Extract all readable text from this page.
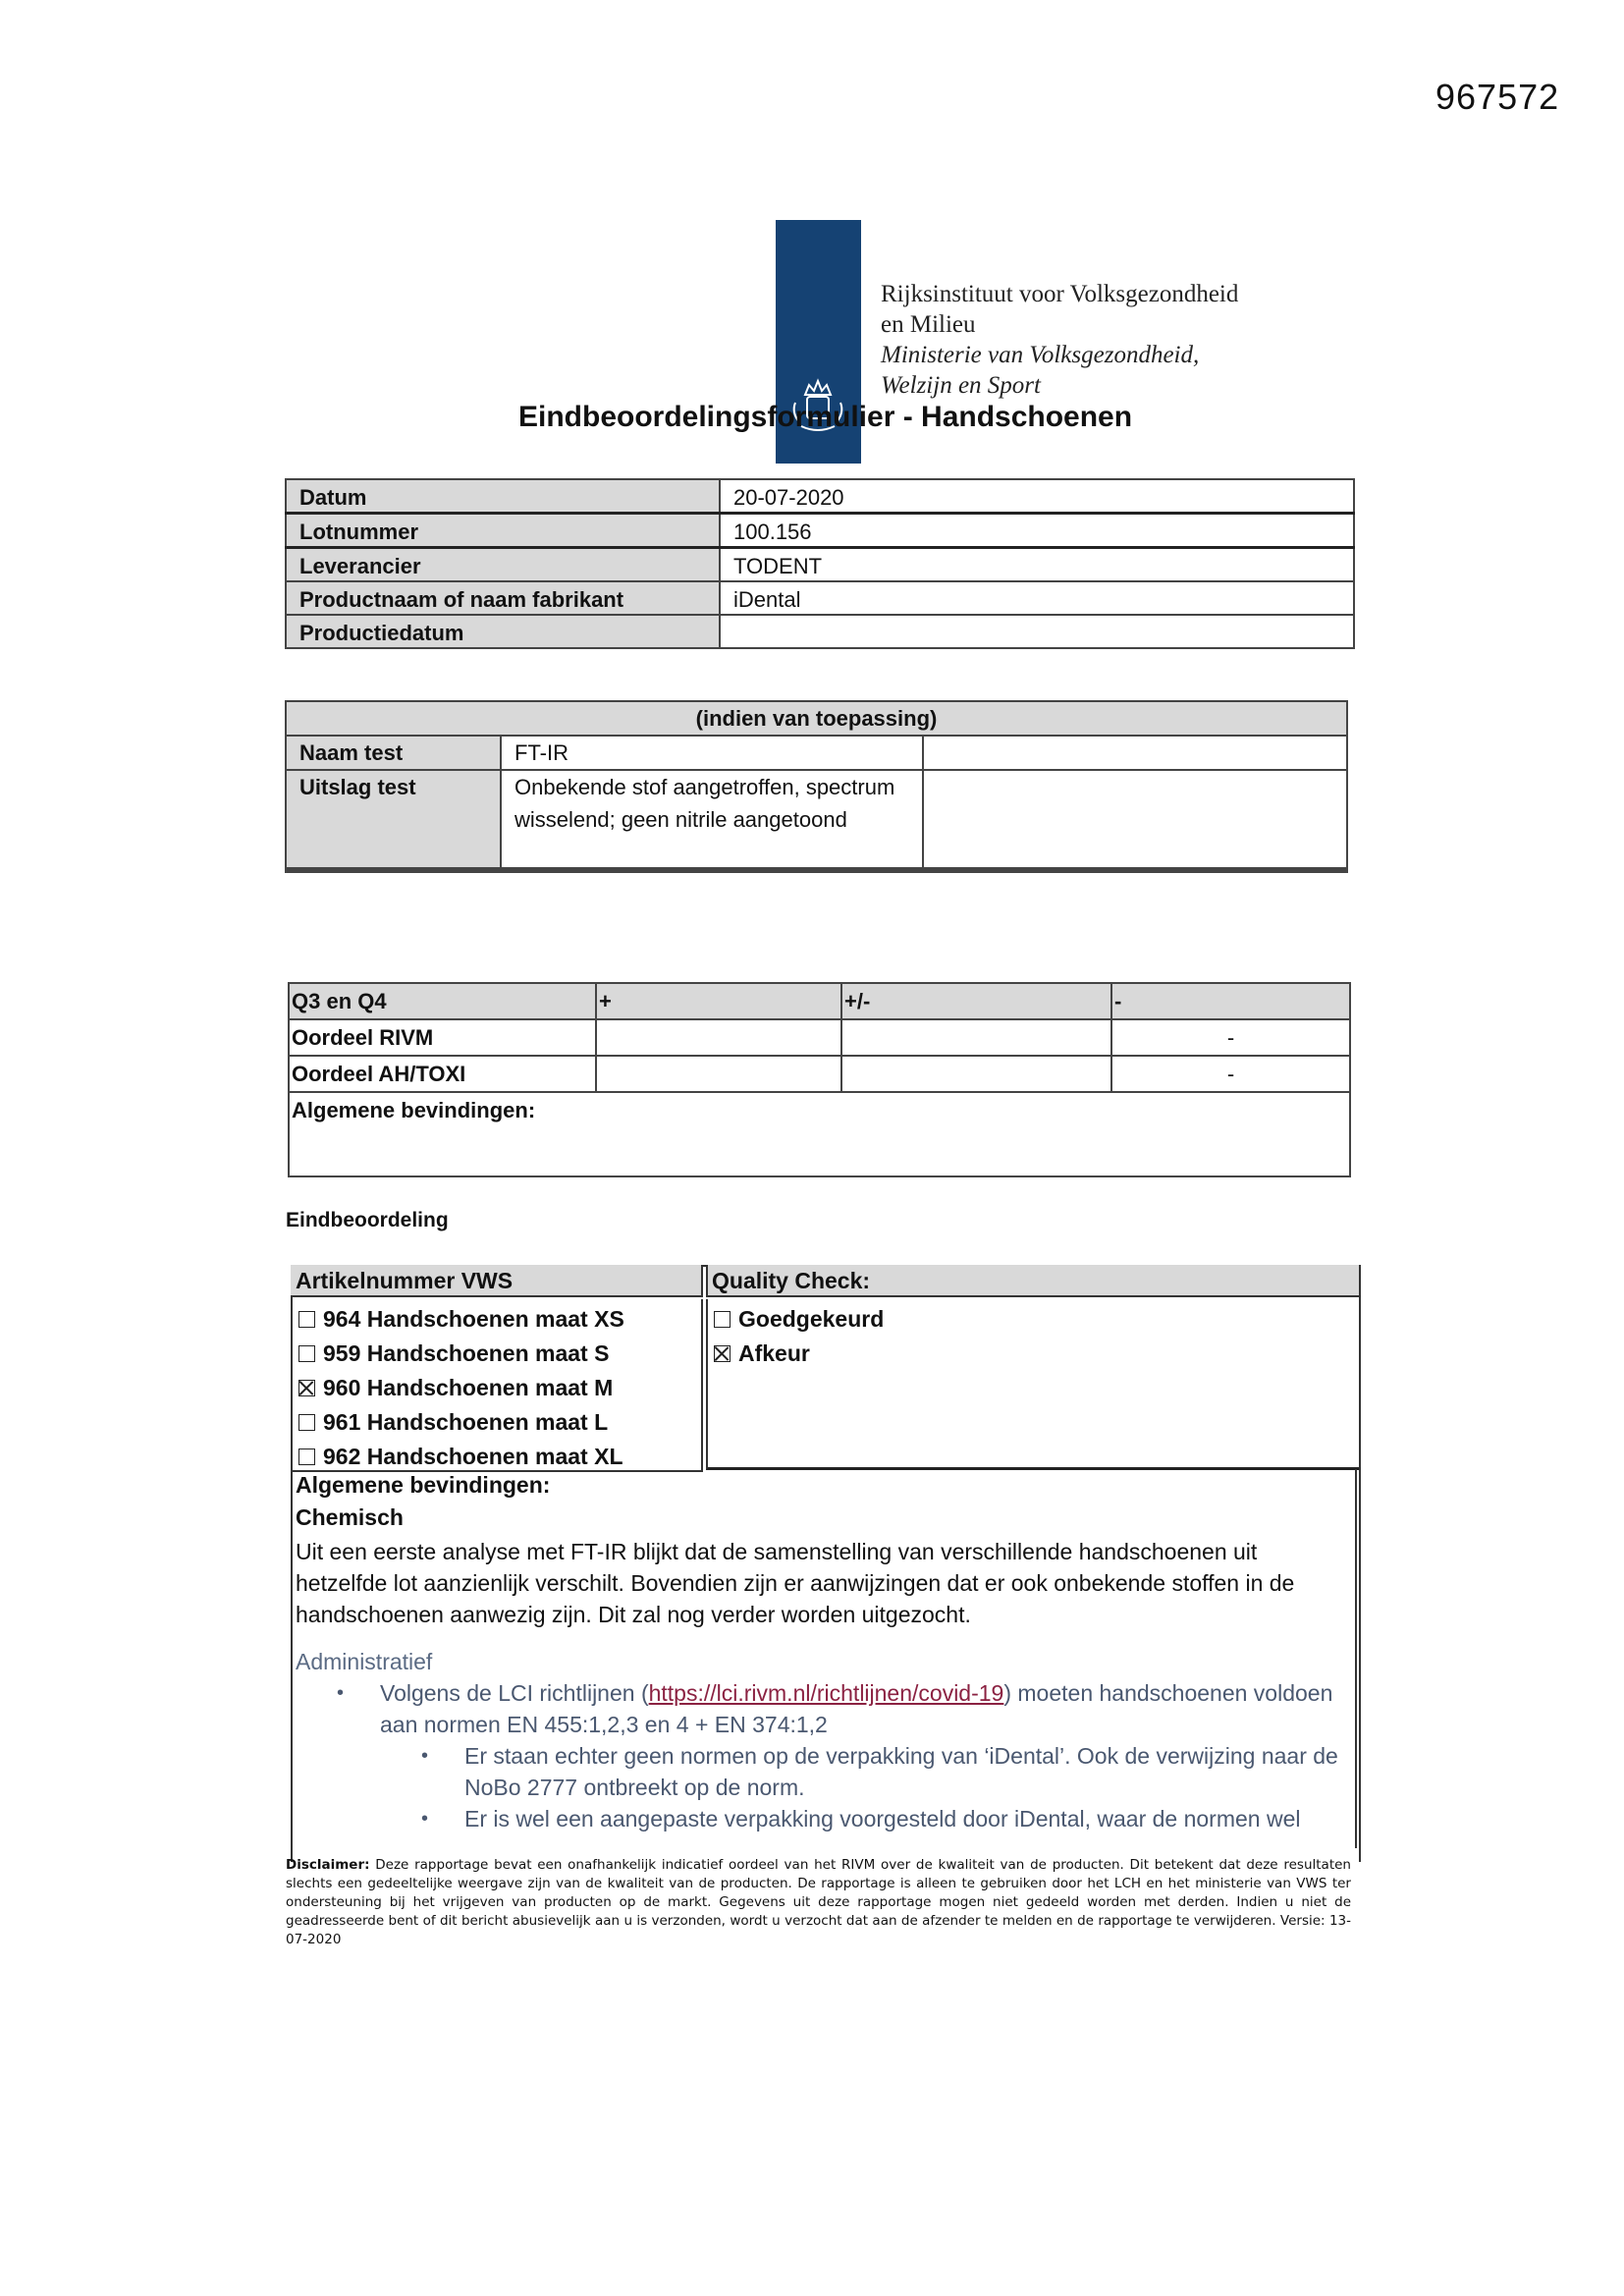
967572
Rijksinstituut voor Volksgezondheid
en Milieu
Ministerie van Volksgezondheid,
Welzijn en Sport
Eindbeoordelingsformulier - Handschoenen
Datum	20-07-2020
Lotnummer	100.156
Leverancier	TODENT
Productnaam of naam fabrikant	iDental
Productiedatum	
(indien van toepassing)		
Naam test	FT-IR	
Uitslag test	Onbekende stof aangetroffen, spectrum wisselend; geen nitrile aangetoond	

Q3 en Q4	+	+/-	-
Oordeel RIVM			-
Oordeel AH/TOXI			-
Algemene bevindingen:			
Eindbeoordeling
Artikelnummer VWS
964 Handschoenen maat XS
959 Handschoenen maat S
960 Handschoenen maat M
961 Handschoenen maat L
962 Handschoenen maat XL
Quality Check:
Goedgekeurd
Afkeur
Algemene bevindingen:
Chemisch
Uit een eerste analyse met FT-IR blijkt dat de samenstelling van verschillende handschoenen uit hetzelfde lot aanzienlijk verschilt. Bovendien zijn er aanwijzingen dat er ook onbekende stoffen in de handschoenen aanwezig zijn. Dit zal nog verder worden uitgezocht.
Administratief
• Volgens de LCI richtlijnen (https://lci.rivm.nl/richtlijnen/covid-19) moeten handschoenen voldoen aan normen EN 455:1,2,3 en 4 + EN 374:1,2
• Er staan echter geen normen op de verpakking van ‘iDental’. Ook de verwijzing naar de NoBo 2777 ontbreekt op de norm.
• Er is wel een aangepaste verpakking voorgesteld door iDental, waar de normen wel
Disclaimer: Deze rapportage bevat een onafhankelijk indicatief oordeel van het RIVM over de kwaliteit van de producten. Dit betekent dat deze resultaten slechts een gedeeltelijke weergave zijn van de kwaliteit van de producten. De rapportage is alleen te gebruiken door het LCH en het ministerie van VWS ter ondersteuning bij het vrijgeven van producten op de markt. Gegevens uit deze rapportage mogen niet gedeeld worden met derden. Indien u niet de geadresseerde bent of dit bericht abusievelijk aan u is verzonden, wordt u verzocht dat aan de afzender te melden en de rapportage te verwijderen. Versie: 13-07-2020
